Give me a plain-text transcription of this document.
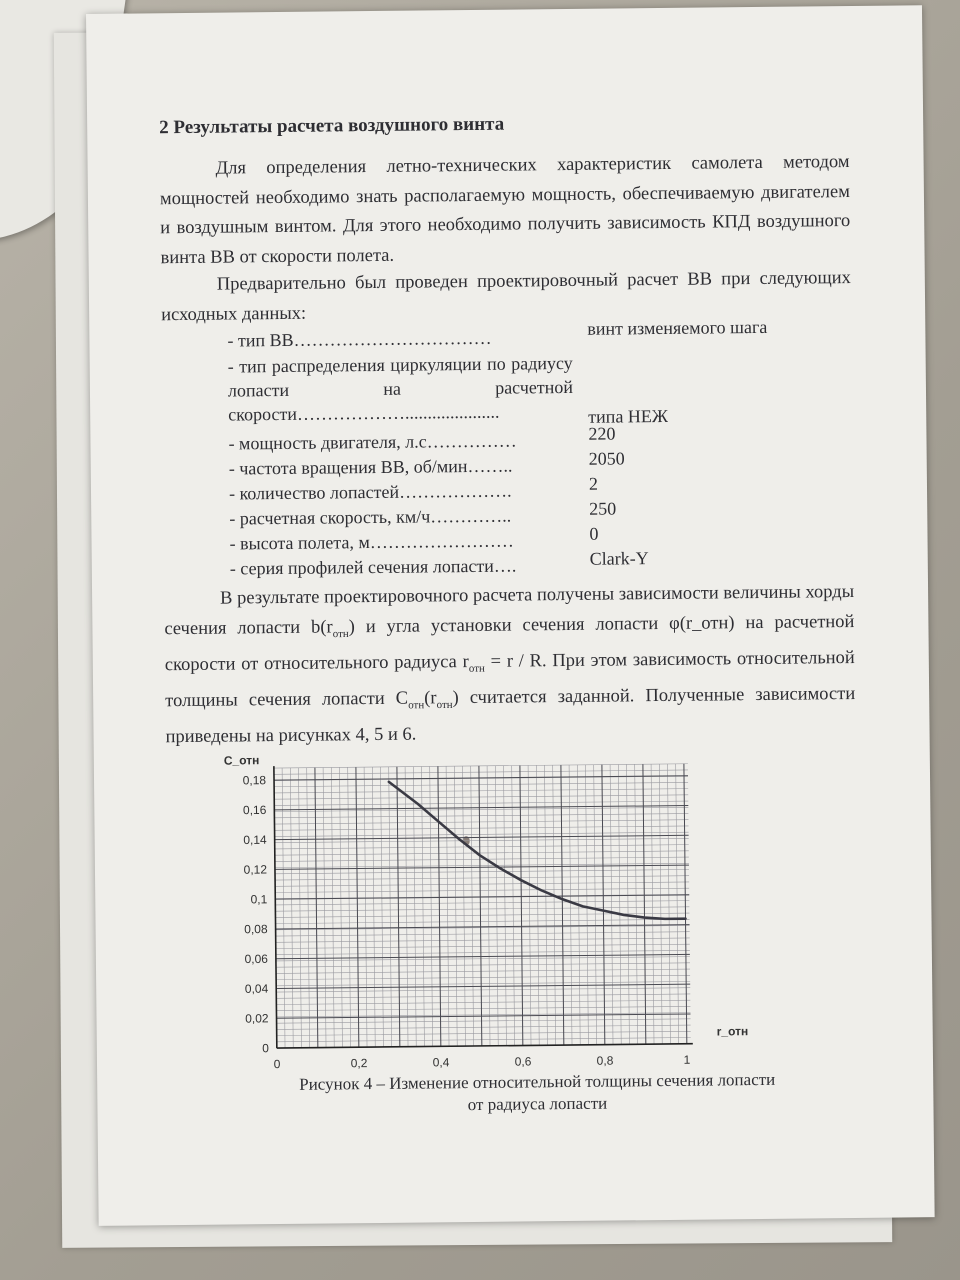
2 Результаты расчета воздушного винта
Для определения летно-технических характеристик самолета методом мощностей необходимо знать располагаемую мощность, обеспечиваемую двигателем и воздушным винтом. Для этого необходимо получить зависимость КПД воздушного винта ВВ от скорости полета.
Предварительно был проведен проектировочный расчет ВВ при следующих исходных данных:
- тип ВВ……………………………	винт изменяемого шага
- тип распределения циркуляции по радиусу лопасти на расчетной скорости……………….....................	типа НЕЖ
- мощность двигателя, л.с……………	220
- частота вращения ВВ, об/мин……..	2050
- количество лопастей……………….	2
- расчетная скорость, км/ч…………..	250
- высота полета, м……………………	0
- серия профилей сечения лопасти….	Clark-Y
В результате проектировочного расчета получены зависимости величины хорды сечения лопасти $b(r_{отн})$ и угла установки сечения лопасти φ(r_отн) на расчетной скорости от относительного радиуса $r_{отн} = r / R$. При этом зависимость относительной толщины сечения лопасти $С_{отн}(r_{отн})$ считается заданной. Полученные зависимости приведены на рисунках 4, 5 и 6.
0
0,02
0,04
0,06
0,08
0,1
0,12
0,14
0,16
0,18
0	0,2	0,4	0,6	0,8	1
С_отн
r_отн
Рисунок 4 – Изменение относительной толщины сечения лопасти
от радиуса лопасти
